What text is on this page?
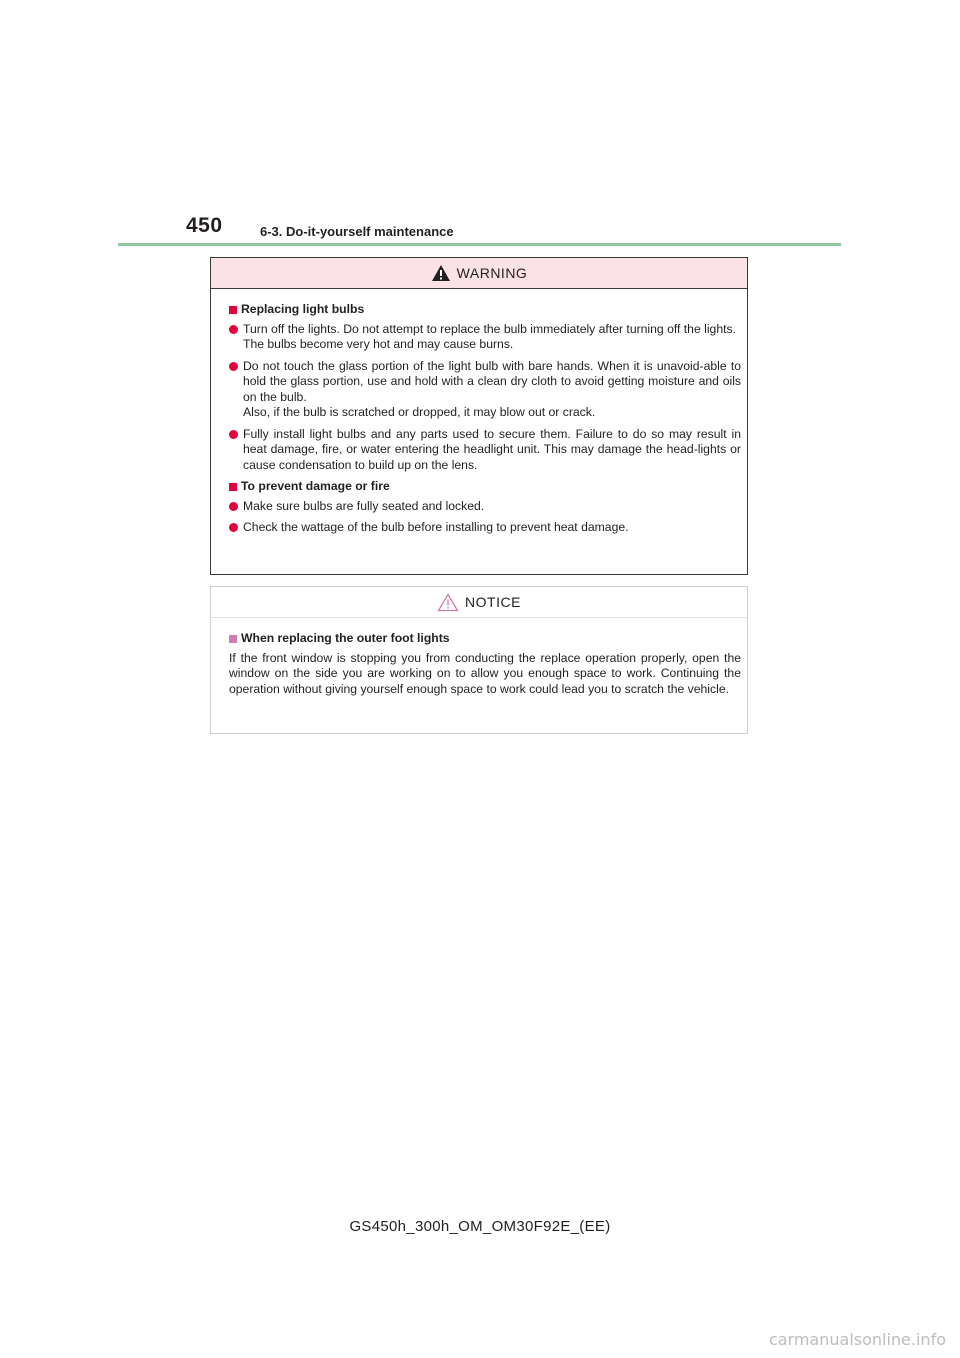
450	6-3. Do-it-yourself maintenance
WARNING
Replacing light bulbs

Turn off the lights. Do not attempt to replace the bulb immediately after turning off the lights.

The bulbs become very hot and may cause burns.

Do not touch the glass portion of the light bulb with bare hands. When it is unavoid-able to hold the glass portion, use and hold with a clean dry cloth to avoid getting moisture and oils on the bulb.

Also, if the bulb is scratched or dropped, it may blow out or crack.

Fully install light bulbs and any parts used to secure them. Failure to do so may result in heat damage, fire, or water entering the headlight unit. This may damage the head-lights or cause condensation to build up on the lens.

To prevent damage or fire

Make sure bulbs are fully seated and locked.

Check the wattage of the bulb before installing to prevent heat damage.

NOTICE
When replacing the outer foot lights

If the front window is stopping you from conducting the replace operation properly, open the window on the side you are working on to allow you enough space to work. Continuing the operation without giving yourself enough space to work could lead you to scratch the vehicle.

GS450h_300h_OM_OM30F92E_(EE)
carmanualsonline.info
